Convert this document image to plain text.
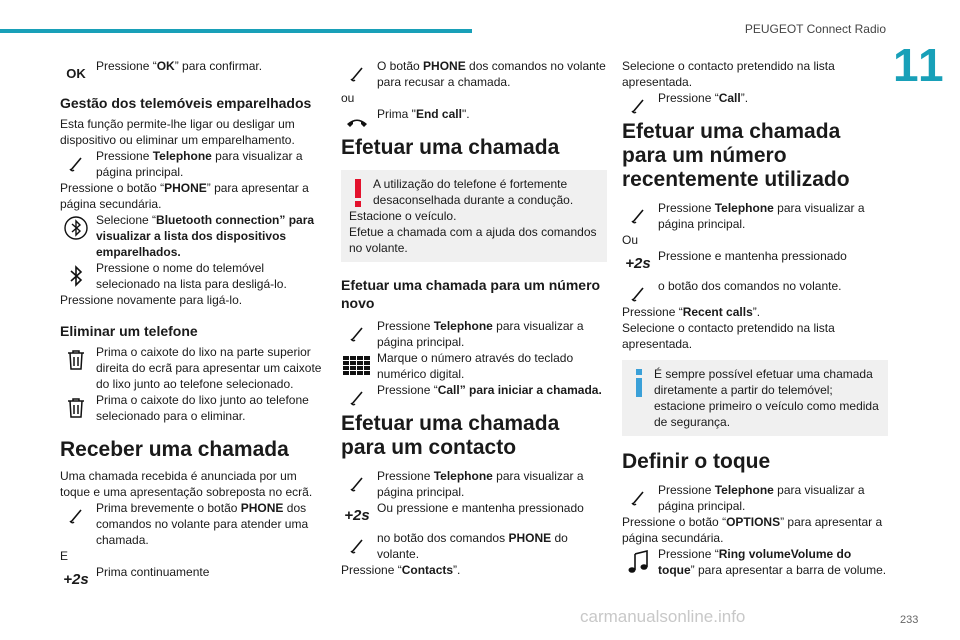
PEUGEOT Connect Radio
11
OK Pressione “OK” para confirmar.

Gestão dos telemóveis emparelhados

Esta função permite-lhe ligar ou desligar um dispositivo ou eliminar um emparelhamento.

Pressione Telephone para visualizar a página principal.

Pressione o botão “PHONE” para apresentar a página secundária.

Selecione “Bluetooth connection” para visualizar a lista dos dispositivos emparelhados.

Pressione o nome do telemóvel selecionado na lista para desligá-lo.

Pressione novamente para ligá-lo.

Eliminar um telefone

Prima o caixote do lixo na parte superior direita do ecrã para apresentar um caixote do lixo junto ao telefone selecionado.

Prima o caixote do lixo junto ao telefone selecionado para o eliminar.

Receber uma chamada

Uma chamada recebida é anunciada por um toque e uma apresentação sobreposta no ecrã.

Prima brevemente o botão PHONE dos comandos no volante para atender uma chamada.

E

+2s Prima continuamente

O botão PHONE dos comandos no volante para recusar a chamada.

ou

Prima "End call".

Efetuar uma chamada

A utilização do telefone é fortemente desaconselhada durante a condução.

Estacione o veículo.

Efetue a chamada com a ajuda dos comandos no volante.

Efetuar uma chamada para um número novo

Pressione Telephone para visualizar a página principal.

Marque o número através do teclado numérico digital.

Pressione “Call” para iniciar a chamada.

Efetuar uma chamada para um contacto

Pressione Telephone para visualizar a página principal.

+2s Ou pressione e mantenha pressionado

no botão dos comandos PHONE do volante.

Pressione “Contacts”.

Selecione o contacto pretendido na lista apresentada.

Pressione “Call”.

Efetuar uma chamada para um número recentemente utilizado

Pressione Telephone para visualizar a página principal.

Ou

+2s Pressione e mantenha pressionado

o botão dos comandos no volante.

Pressione “Recent calls”.

Selecione o contacto pretendido na lista apresentada.

É sempre possível efetuar uma chamada diretamente a partir do telemóvel; estacione primeiro o veículo como medida de segurança.

Definir o toque

Pressione Telephone para visualizar a página principal.

Pressione o botão “OPTIONS” para apresentar a página secundária.

Pressione “Ring volumeVolume do toque” para apresentar a barra de volume.

carmanualsonline.info	233
